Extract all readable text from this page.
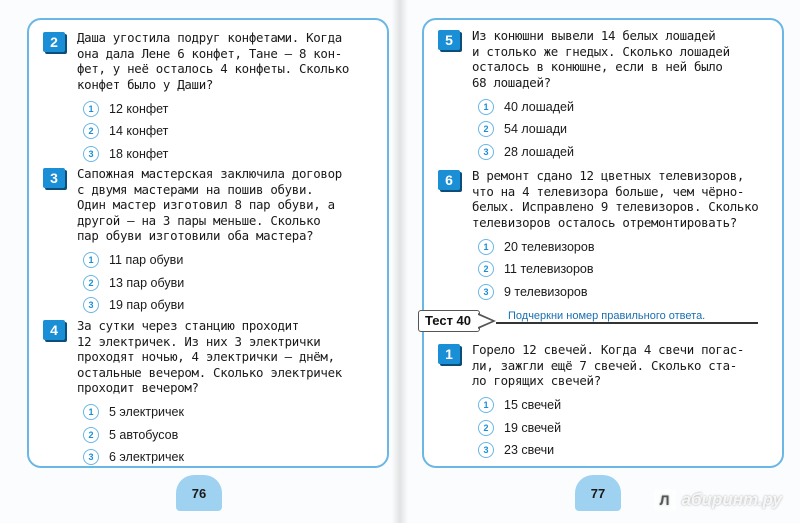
2	Даша угостила подруг конфетами. Когда
она дала Лене 6 конфет, Тане – 8 кон-
фет, у неё осталось 4 конфеты. Сколько
конфет было у Даши?
1	12 конфет
2	14 конфет
3	18 конфет
3	Сапожная мастерская заключила договор
с двумя мастерами на пошив обуви.
Один мастер изготовил 8 пар обуви, а
другой – на 3 пары меньше. Сколько
пар обуви изготовили оба мастера?
1	11 пар обуви
2	13 пар обуви
3	19 пар обуви
4	За сутки через станцию проходит
12 электричек. Из них 3 электрички
проходят ночью, 4 электрички – днём,
остальные вечером. Сколько электричек
проходит вечером?
1	5 электричек
2	5 автобусов
3	6 электричек
76
5	Из конюшни вывели 14 белых лошадей
и столько же гнедых. Сколько лошадей
осталось в конюшне, если в ней было
68 лошадей?
1	40 лошадей
2	54 лошади
3	28 лошадей
6	В ремонт сдано 12 цветных телевизоров,
что на 4 телевизора больше, чем чёрно-
белых. Исправлено 9 телевизоров. Сколько
телевизоров осталось отремонтировать?
1	20 телевизоров
2	11 телевизоров
3	9 телевизоров
1	Горело 12 свечей. Когда 4 свечи погас-
ли, зажгли ещё 7 свечей. Сколько ста-
ло горящих свечей?
1	15 свечей
2	19 свечей
3	23 свечи
77
Тест 40	Подчеркни номер правильного ответа.
Л абиринт.ру
